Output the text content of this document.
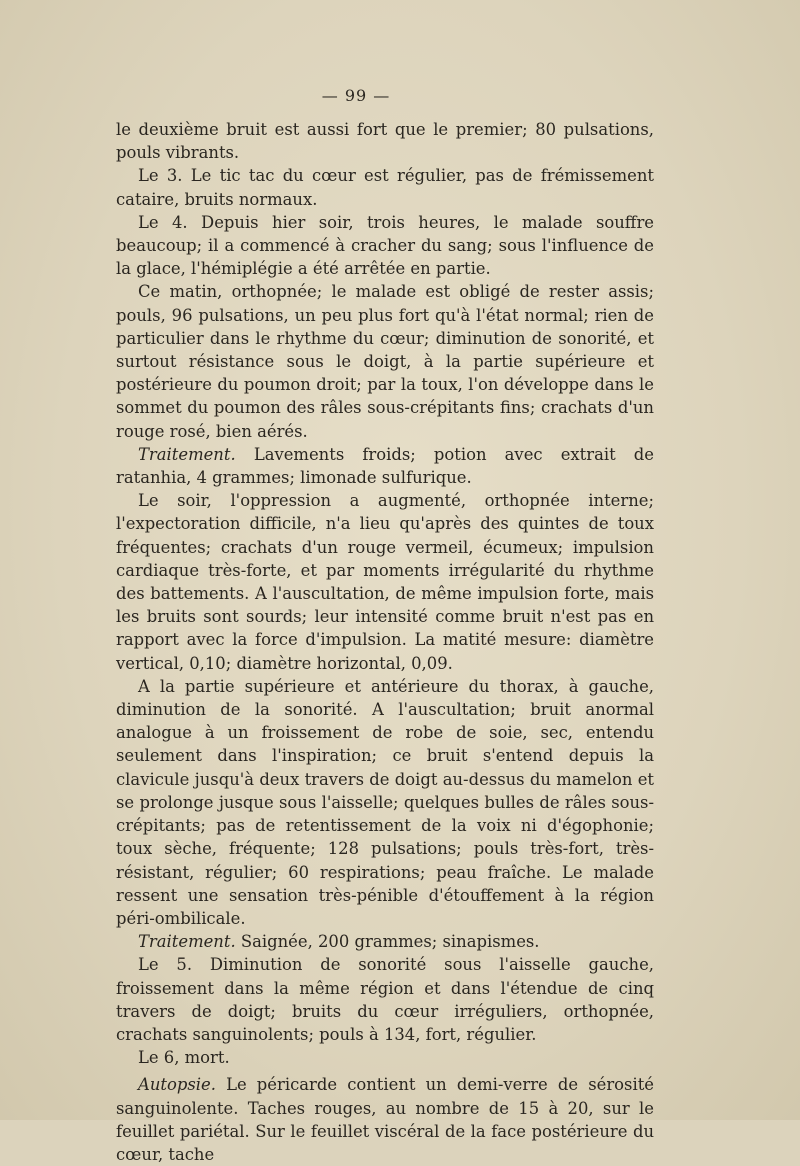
— 99 —

le deuxième bruit est aussi fort que le premier; 80 pulsations, pouls vibrants.

Le 3. Le tic tac du cœur est régulier, pas de frémissement cataire, bruits normaux.

Le 4. Depuis hier soir, trois heures, le malade souffre beaucoup; il a commencé à cracher du sang; sous l'influence de la glace, l'hémiplégie a été arrêtée en partie.

Ce matin, orthopnée; le malade est obligé de rester assis; pouls, 96 pulsations, un peu plus fort qu'à l'état normal; rien de particulier dans le rhythme du cœur; diminution de sonorité, et surtout résistance sous le doigt, à la partie supérieure et postérieure du poumon droit; par la toux, l'on développe dans le sommet du poumon des râles sous-crépitants fins; crachats d'un rouge rosé, bien aérés.

Traitement. Lavements froids; potion avec extrait de ratanhia, 4 grammes; limonade sulfurique.

Le soir, l'oppression a augmenté, orthopnée interne; l'expectoration difficile, n'a lieu qu'après des quintes de toux fréquentes; crachats d'un rouge vermeil, écumeux; impulsion cardiaque très-forte, et par moments irrégularité du rhythme des battements. A l'auscultation, de même impulsion forte, mais les bruits sont sourds; leur intensité comme bruit n'est pas en rapport avec la force d'impulsion. La matité mesure: diamètre vertical, 0,10; diamètre horizontal, 0,09.

A la partie supérieure et antérieure du thorax, à gauche, diminution de la sonorité. A l'auscultation; bruit anormal analogue à un froissement de robe de soie, sec, entendu seulement dans l'inspiration; ce bruit s'entend depuis la clavicule jusqu'à deux travers de doigt au-dessus du mamelon et se prolonge jusque sous l'aisselle; quelques bulles de râles sous-crépitants; pas de retentissement de la voix ni d'égophonie; toux sèche, fréquente; 128 pulsations; pouls très-fort, très-résistant, régulier; 60 respirations; peau fraîche. Le malade ressent une sensation très-pénible d'étouffement à la région péri-ombilicale.

Traitement. Saignée, 200 grammes; sinapismes.

Le 5. Diminution de sonorité sous l'aisselle gauche, froissement dans la même région et dans l'étendue de cinq travers de doigt; bruits du cœur irréguliers, orthopnée, crachats sanguinolents; pouls à 134, fort, régulier.

Le 6, mort.

Autopsie. Le péricarde contient un demi-verre de sérosité sanguinolente. Taches rouges, au nombre de 15 à 20, sur le feuillet pariétal. Sur le feuillet viscéral de la face postérieure du cœur, tache
